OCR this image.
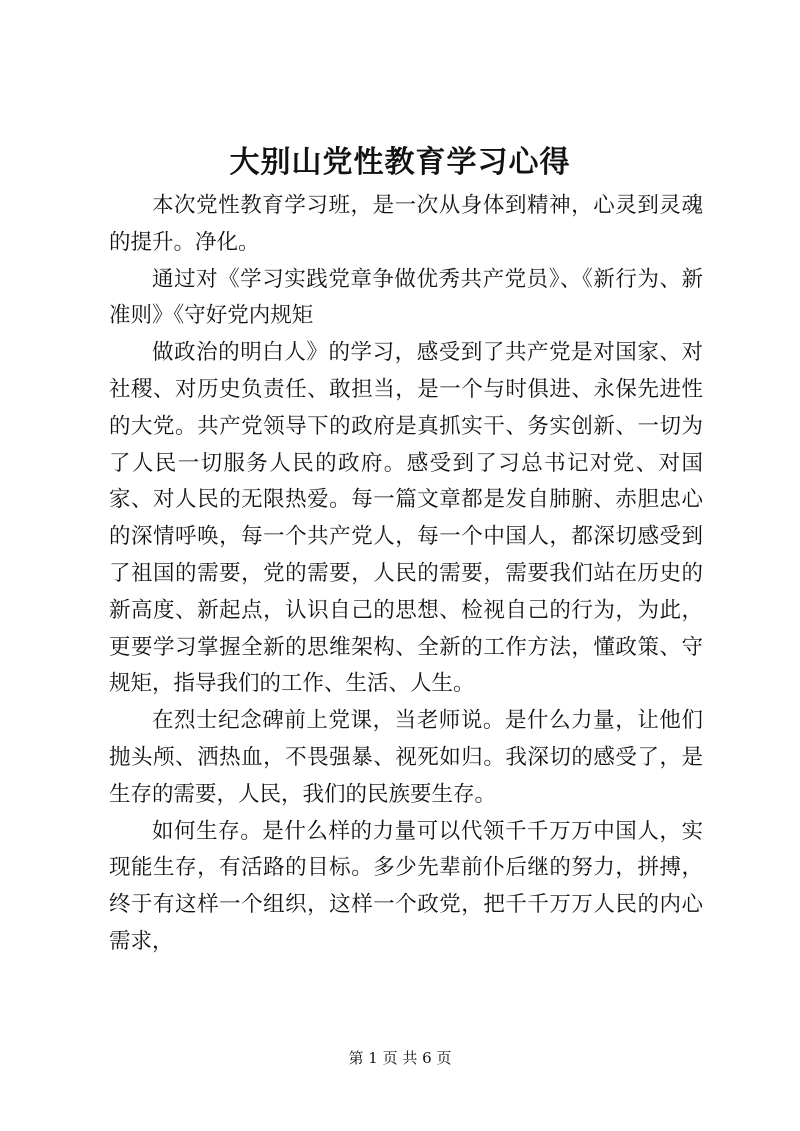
大别山党性教育学习心得

本次党性教育学习班，是一次从身体到精神，心灵到灵魂的提升。净化。

通过对《学习实践党章争做优秀共产党员》、《新行为、新准则》《守好党内规矩

做政治的明白人》的学习，感受到了共产党是对国家、对社稷、对历史负责任、敢担当，是一个与时俱进、永保先进性的大党。共产党领导下的政府是真抓实干、务实创新、一切为了人民一切服务人民的政府。感受到了习总书记对党、对国家、对人民的无限热爱。每一篇文章都是发自肺腑、赤胆忠心的深情呼唤，每一个共产党人，每一个中国人，都深切感受到了祖国的需要，党的需要，人民的需要，需要我们站在历史的新高度、新起点，认识自己的思想、检视自己的行为，为此，更要学习掌握全新的思维架构、全新的工作方法，懂政策、守规矩，指导我们的工作、生活、人生。

在烈士纪念碑前上党课，当老师说。是什么力量，让他们抛头颅、洒热血，不畏强暴、视死如归。我深切的感受了，是生存的需要，人民，我们的民族要生存。

如何生存。是什么样的力量可以代领千千万万中国人，实现能生存，有活路的目标。多少先辈前仆后继的努力，拼搏，终于有这样一个组织，这样一个政党，把千千万万人民的内心需求，

第 1 页 共 6 页
